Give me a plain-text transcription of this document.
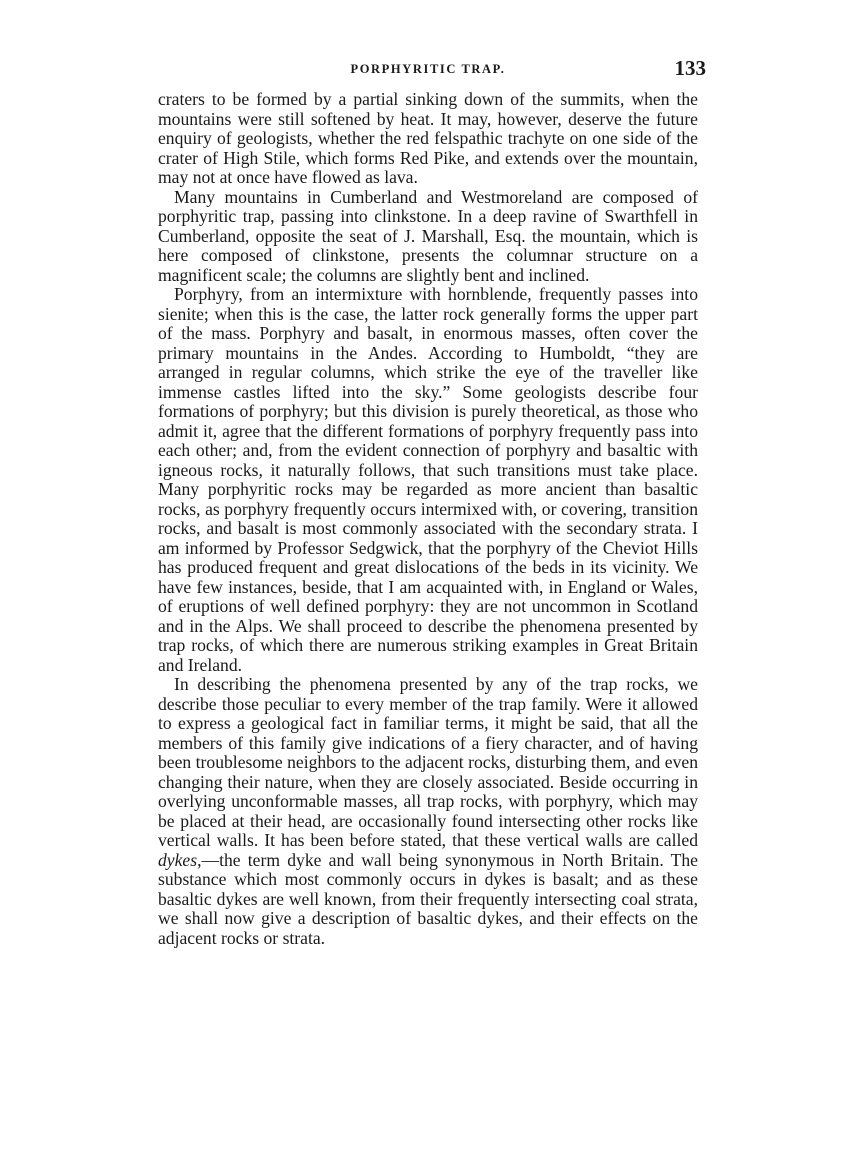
PORPHYRITIC TRAP.	133

craters to be formed by a partial sinking down of the summits, when the mountains were still softened by heat. It may, however, deserve the future enquiry of geologists, whether the red felspathic trachyte on one side of the crater of High Stile, which forms Red Pike, and extends over the mountain, may not at once have flowed as lava.

Many mountains in Cumberland and Westmoreland are composed of porphyritic trap, passing into clinkstone. In a deep ravine of Swarthfell in Cumberland, opposite the seat of J. Marshall, Esq. the mountain, which is here composed of clinkstone, presents the columnar structure on a magnificent scale; the columns are slightly bent and inclined.

Porphyry, from an intermixture with hornblende, frequently passes into sienite; when this is the case, the latter rock generally forms the upper part of the mass. Porphyry and basalt, in enormous masses, often cover the primary mountains in the Andes. According to Humboldt, “they are arranged in regular columns, which strike the eye of the traveller like immense castles lifted into the sky.” Some geologists describe four formations of porphyry; but this division is purely theoretical, as those who admit it, agree that the different formations of porphyry frequently pass into each other; and, from the evident connection of porphyry and basaltic with igneous rocks, it naturally follows, that such transitions must take place. Many porphyritic rocks may be regarded as more ancient than basaltic rocks, as porphyry frequently occurs intermixed with, or covering, transition rocks, and basalt is most commonly associated with the secondary strata. I am informed by Professor Sedgwick, that the porphyry of the Cheviot Hills has produced frequent and great dislocations of the beds in its vicinity. We have few instances, beside, that I am acquainted with, in England or Wales, of eruptions of well defined porphyry: they are not uncommon in Scotland and in the Alps. We shall proceed to describe the phenomena presented by trap rocks, of which there are numerous striking examples in Great Britain and Ireland.

In describing the phenomena presented by any of the trap rocks, we describe those peculiar to every member of the trap family. Were it allowed to express a geological fact in familiar terms, it might be said, that all the members of this family give indications of a fiery character, and of having been troublesome neighbors to the adjacent rocks, disturbing them, and even changing their nature, when they are closely associated. Beside occurring in overlying unconformable masses, all trap rocks, with porphyry, which may be placed at their head, are occasionally found intersecting other rocks like vertical walls. It has been before stated, that these vertical walls are called dykes,—the term dyke and wall being synonymous in North Britain. The substance which most commonly occurs in dykes is basalt; and as these basaltic dykes are well known, from their frequently intersecting coal strata, we shall now give a description of basaltic dykes, and their effects on the adjacent rocks or strata.
